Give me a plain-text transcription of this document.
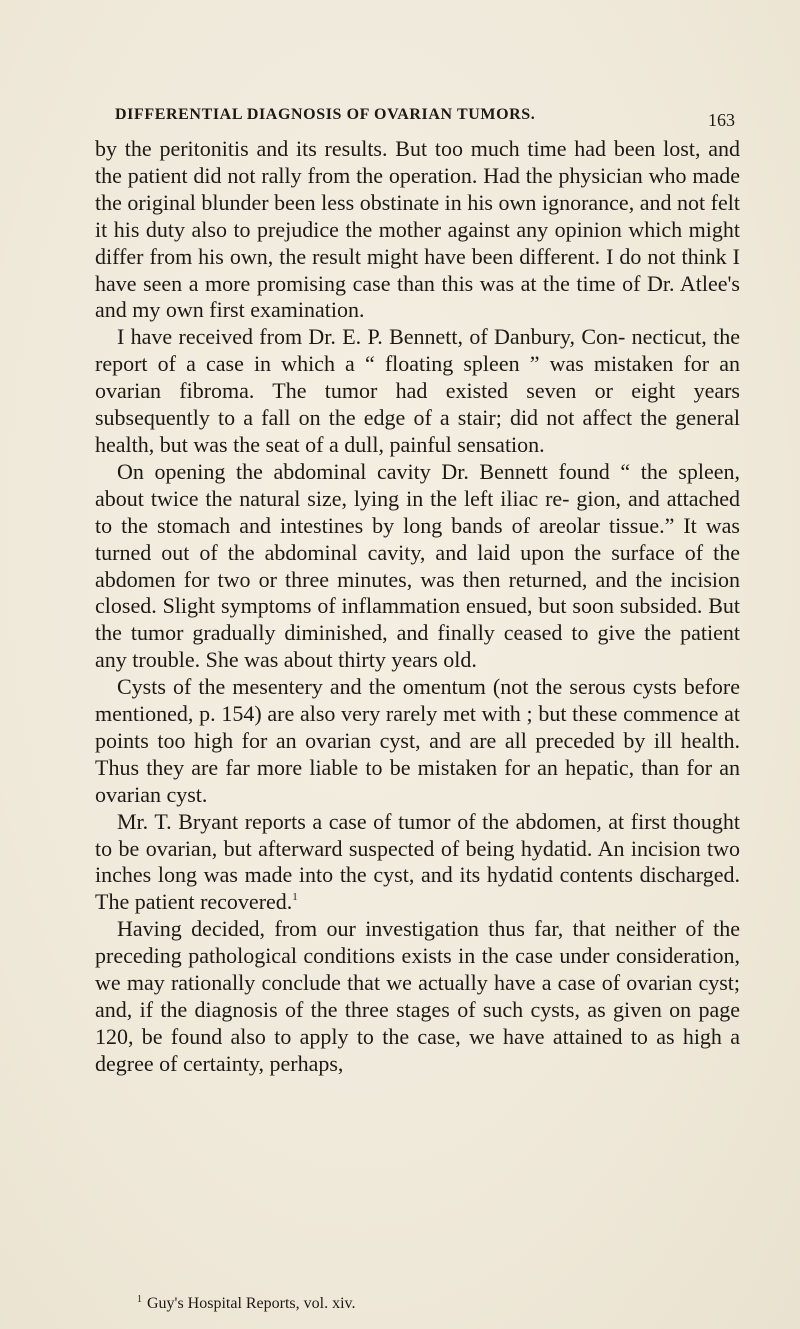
DIFFERENTIAL DIAGNOSIS OF OVARIAN TUMORS.	163

by the peritonitis and its results. But too much time had been lost, and the patient did not rally from the operation. Had the physician who made the original blunder been less obstinate in his own ignorance, and not felt it his duty also to prejudice the mother against any opinion which might differ from his own, the result might have been different. I do not think I have seen a more promising case than this was at the time of Dr. Atlee's and my own first examination.

I have received from Dr. E. P. Bennett, of Danbury, Con- necticut, the report of a case in which a “ floating spleen ” was mistaken for an ovarian fibroma. The tumor had existed seven or eight years subsequently to a fall on the edge of a stair; did not affect the general health, but was the seat of a dull, painful sensation.

On opening the abdominal cavity Dr. Bennett found “ the spleen, about twice the natural size, lying in the left iliac re- gion, and attached to the stomach and intestines by long bands of areolar tissue.” It was turned out of the abdominal cavity, and laid upon the surface of the abdomen for two or three minutes, was then returned, and the incision closed. Slight symptoms of inflammation ensued, but soon subsided. But the tumor gradually diminished, and finally ceased to give the patient any trouble. She was about thirty years old.

Cysts of the mesentery and the omentum (not the serous cysts before mentioned, p. 154) are also very rarely met with ; but these commence at points too high for an ovarian cyst, and are all preceded by ill health. Thus they are far more liable to be mistaken for an hepatic, than for an ovarian cyst.

Mr. T. Bryant reports a case of tumor of the abdomen, at first thought to be ovarian, but afterward suspected of being hydatid. An incision two inches long was made into the cyst, and its hydatid contents discharged. The patient recovered.$^1$

Having decided, from our investigation thus far, that neither of the preceding pathological conditions exists in the case under consideration, we may rationally conclude that we actually have a case of ovarian cyst; and, if the diagnosis of the three stages of such cysts, as given on page 120, be found also to apply to the case, we have attained to as high a degree of certainty, perhaps,

$^1$ Guy's Hospital Reports, vol. xiv.
